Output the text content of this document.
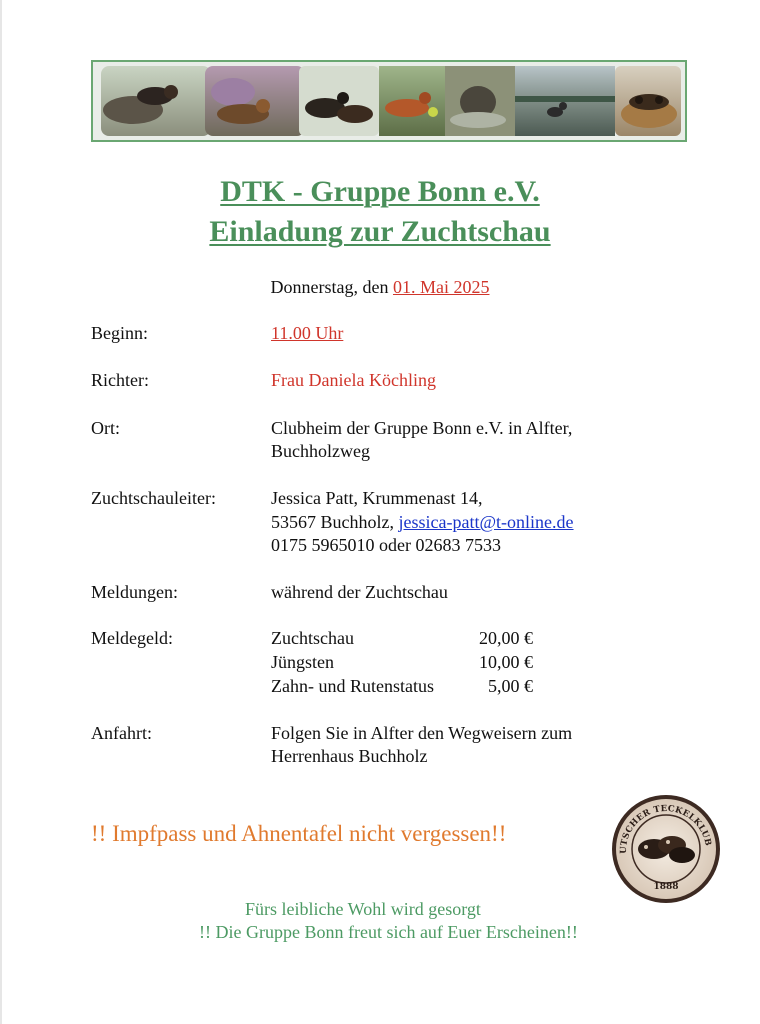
DTK - Gruppe Bonn e.V.
Einladung zur Zuchtschau
Donnerstag, den 01. Mai 2025
Beginn:	11.00 Uhr
Richter:	Frau Daniela Köchling
Ort:	Clubheim der Gruppe Bonn e.V. in Alfter,
Buchholzweg
Zuchtschauleiter:	Jessica Patt, Krummenast 14,
53567 Buchholz, jessica-patt@t-online.de
0175 5965010 oder 02683 7533
Meldungen:	während der Zuchtschau
Meldegeld:	Zuchtschau	20,00 €
Jüngsten	10,00 €
Zahn- und Rutenstatus	5,00 €
Anfahrt:	Folgen Sie in Alfter den Wegweisern zum
Herrenhaus Buchholz
!! Impfpass und Ahnentafel nicht vergessen!!
UTSCHER TECKELKLUB
1888
Fürs leibliche Wohl wird gesorgt
!! Die Gruppe Bonn freut sich auf Euer Erscheinen!!
